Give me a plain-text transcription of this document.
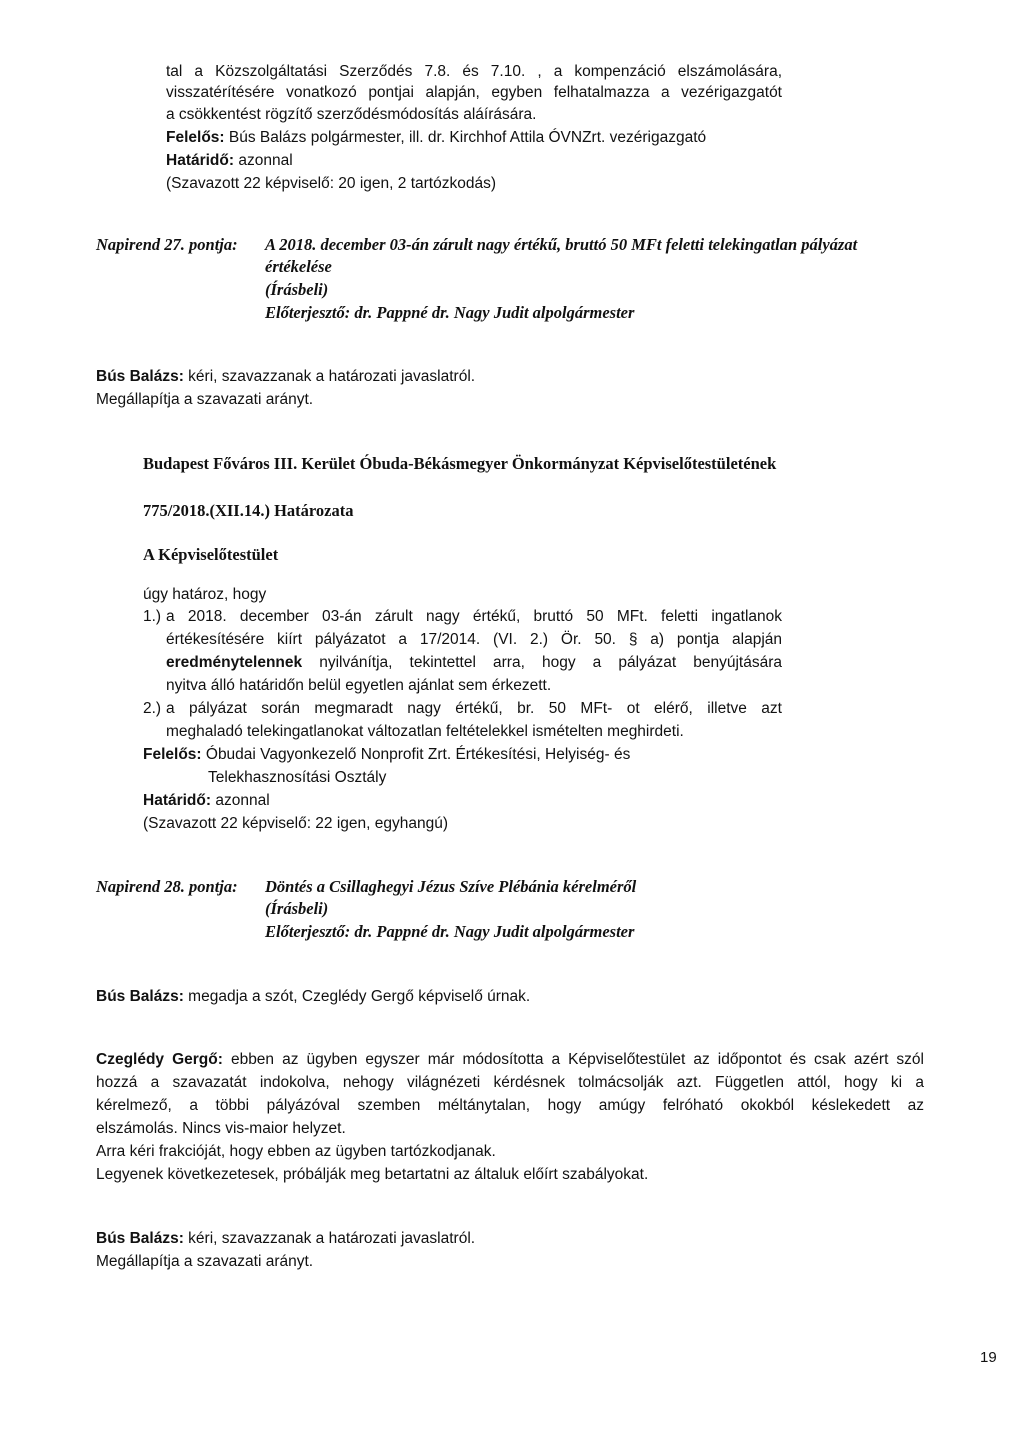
tal a Közszolgáltatási Szerződés 7.8. és 7.10. , a kompenzáció elszámolására,
visszatérítésére vonatkozó pontjai alapján, egyben felhatalmazza a vezérigazgatót
a csökkentést rögzítő szerződésmódosítás aláírására.
Felelős: Bús Balázs polgármester, ill. dr. Kirchhof Attila ÓVNZrt. vezérigazgató
Határidő: azonnal
(Szavazott 22 képviselő: 20 igen, 2 tartózkodás)
Napirend 27. pontja: A 2018. december 03-án zárult nagy értékű, bruttó 50 MFt feletti telekingatlan pályázat
értékelése
(Írásbeli)
Előterjesztő: dr. Pappné dr. Nagy Judit alpolgármester
Bús Balázs: kéri, szavazzanak a határozati javaslatról.
Megállapítja a szavazati arányt.
Budapest Főváros III. Kerület Óbuda-Békásmegyer Önkormányzat Képviselőtestületének
775/2018.(XII.14.) Határozata
A Képviselőtestület
úgy határoz, hogy
1.) a 2018. december 03-án zárult nagy értékű, bruttó 50 MFt. feletti ingatlanok
értékesítésére kiírt pályázatot a 17/2014. (VI. 2.) Ör. 50. § a) pontja alapján
eredménytelennek nyilvánítja, tekintettel arra, hogy a pályázat benyújtására
nyitva álló határidőn belül egyetlen ajánlat sem érkezett.
2.) a pályázat során megmaradt nagy értékű, br. 50 MFt- ot elérő, illetve azt
meghaladó telekingatlanokat változatlan feltételekkel ismételten meghirdeti.
Felelős: Óbudai Vagyonkezelő Nonprofit Zrt. Értékesítési, Helyiség- és
Telekhasznosítási Osztály
Határidő: azonnal
(Szavazott 22 képviselő: 22 igen, egyhangú)
Napirend 28. pontja: Döntés a Csillaghegyi Jézus Szíve Plébánia kérelméről
(Írásbeli)
Előterjesztő: dr. Pappné dr. Nagy Judit alpolgármester
Bús Balázs: megadja a szót, Czeglédy Gergő képviselő úrnak.
Czeglédy Gergő: ebben az ügyben egyszer már módosította a Képviselőtestület az időpontot és csak azért szól
hozzá a szavazatát indokolva, nehogy világnézeti kérdésnek tolmácsolják azt. Független attól, hogy ki a
kérelmező, a többi pályázóval szemben méltánytalan, hogy amúgy felróható okokból késlekedett az
elszámolás. Nincs vis-maior helyzet.
Arra kéri frakcióját, hogy ebben az ügyben tartózkodjanak.
Legyenek következetesek, próbálják meg betartatni az általuk előírt szabályokat.
Bús Balázs: kéri, szavazzanak a határozati javaslatról.
Megállapítja a szavazati arányt.
19
